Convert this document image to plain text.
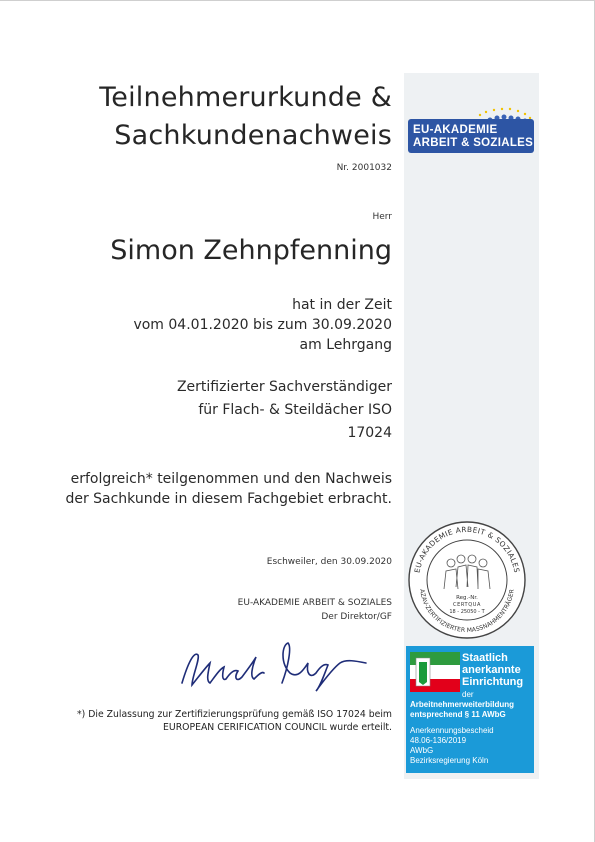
Teilnehmerurkunde &
Sachkundenachweis
Nr. 2001032
Herr
Simon Zehnpfenning
hat in der Zeit
vom 04.01.2020 bis zum 30.09.2020
am Lehrgang
Zertifizierter Sachverständiger
für Flach- & Steildächer ISO
17024
erfolgreich* teilgenommen und den Nachweis
der Sachkunde in diesem Fachgebiet erbracht.
Eschweiler, den 30.09.2020
EU-AKADEMIE ARBEIT & SOZIALES
Der Direktor/GF
*) Die Zulassung zur Zertifizierungsprüfung gemäß ISO 17024 beim
EUROPEAN CERIFICATION COUNCIL wurde erteilt.
EU-AKADEMIE
ARBEIT & SOZIALES
EU-AKADEMIE ARBEIT & SOZIALES
AZAV-ZERTIFIZIERTER MASSNAHMENTRÄGER
Reg.-Nr.
CERTQUA
18 - 25050 - T
Staatlich
anerkannte
Einrichtung
der
Arbeitnehmerweiterbildung
entsprechend § 11 AWbG
Anerkennungsbescheid
48.06-136/2019
AWbG
Bezirksregierung Köln
